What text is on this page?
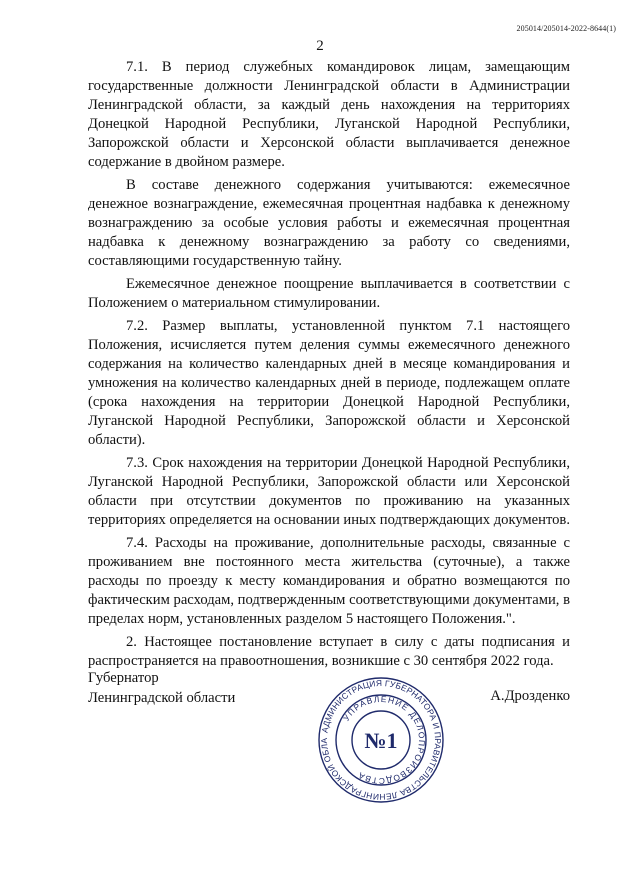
205014/205014-2022-8644(1)
2

7.1. В период служебных командировок лицам, замещающим государственные должности Ленинградской области в Администрации Ленинградской области, за каждый день нахождения на территориях Донецкой Народной Республики, Луганской Народной Республики, Запорожской области и Херсонской области выплачивается денежное содержание в двойном размере.

В составе денежного содержания учитываются: ежемесячное денежное вознаграждение, ежемесячная процентная надбавка к денежному вознаграждению за особые условия работы и ежемесячная процентная надбавка к денежному вознаграждению за работу со сведениями, составляющими государственную тайну.

Ежемесячное денежное поощрение выплачивается в соответствии с Положением о материальном стимулировании.

7.2. Размер выплаты, установленной пунктом 7.1 настоящего Положения, исчисляется путем деления суммы ежемесячного денежного содержания на количество календарных дней в месяце командирования и умножения на количество календарных дней в периоде, подлежащем оплате (срока нахождения на территории Донецкой Народной Республики, Луганской Народной Республики, Запорожской области и Херсонской области).

7.3. Срок нахождения на территории Донецкой Народной Республики, Луганской Народной Республики, Запорожской области или Херсонской области при отсутствии документов по проживанию на указанных территориях определяется на основании иных подтверждающих документов.

7.4. Расходы на проживание, дополнительные расходы, связанные с проживанием вне постоянного места жительства (суточные), а также расходы по проезду к месту командирования и обратно возмещаются по фактическим расходам, подтвержденным соответствующими документами, в пределах норм, установленных разделом 5 настоящего Положения.".

2. Настоящее постановление вступает в силу с даты подписания и распространяется на правоотношения, возникшие с 30 сентября 2022 года.

Губернатор
Ленинградской области	А.Дрозденко
АДМИНИСТРАЦИЯ ГУБЕРНАТОРА И ПРАВИТЕЛЬСТВА ЛЕНИНГРАДСКОЙ ОБЛА
УПРАВЛЕНИЕ ДЕЛОПРОИЗВОДСТВА
№1
